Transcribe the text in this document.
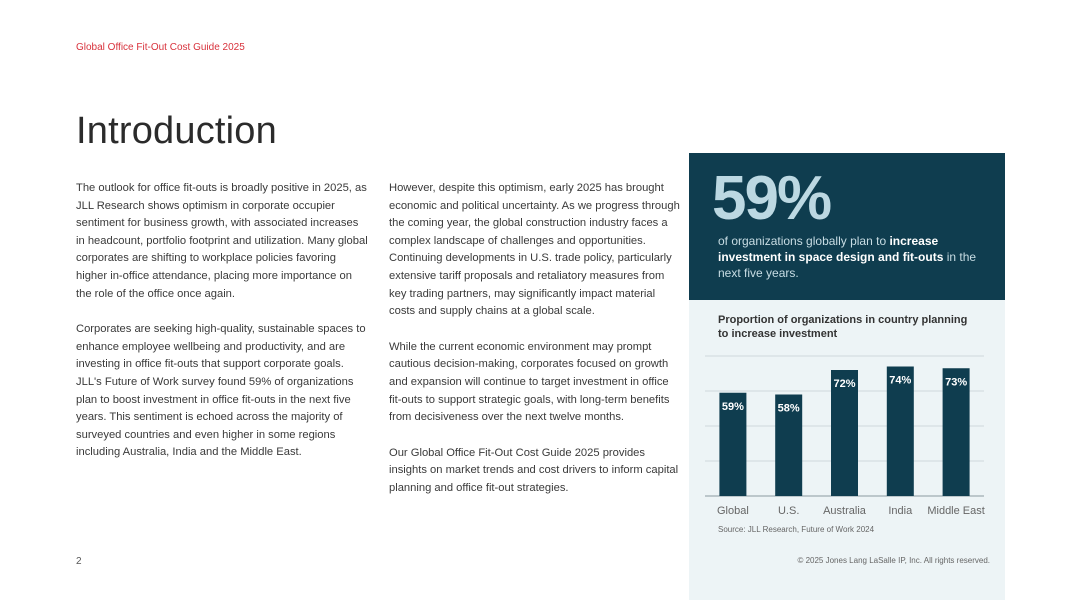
Global Office Fit-Out Cost Guide 2025
Introduction

The outlook for office fit-outs is broadly positive in 2025, as JLL Research shows optimism in corporate occupier sentiment for business growth, with associated increases in headcount, portfolio footprint and utilization. Many global corporates are shifting to workplace policies favoring higher in-office attendance, placing more importance on the role of the office once again.

Corporates are seeking high-quality, sustainable spaces to enhance employee wellbeing and productivity, and are investing in office fit-outs that support corporate goals. JLL's Future of Work survey found 59% of organizations plan to boost investment in office fit-outs in the next five years. This sentiment is echoed across the majority of surveyed countries and even higher in some regions including Australia, India and the Middle East.

However, despite this optimism, early 2025 has brought economic and political uncertainty. As we progress through the coming year, the global construction industry faces a complex landscape of challenges and opportunities. Continuing developments in U.S. trade policy, particularly extensive tariff proposals and retaliatory measures from key trading partners, may significantly impact material costs and supply chains at a global scale.

While the current economic environment may prompt cautious decision-making, corporates focused on growth and expansion will continue to target investment in office fit-outs to support strategic goals, with long-term benefits from decisiveness over the next twelve months.

Our Global Office Fit-Out Cost Guide 2025 provides insights on market trends and cost drivers to inform capital planning and office fit-out strategies.

2
59%
of organizations globally plan to increase investment in space design and fit-outs in the next five years.
Proportion of organizations in country planning to increase investment
59%
Global
58%
U.S.
72%
Australia
74%
India
73%
Middle East
Source: JLL Research, Future of Work 2024
© 2025 Jones Lang LaSalle IP, Inc. All rights reserved.
